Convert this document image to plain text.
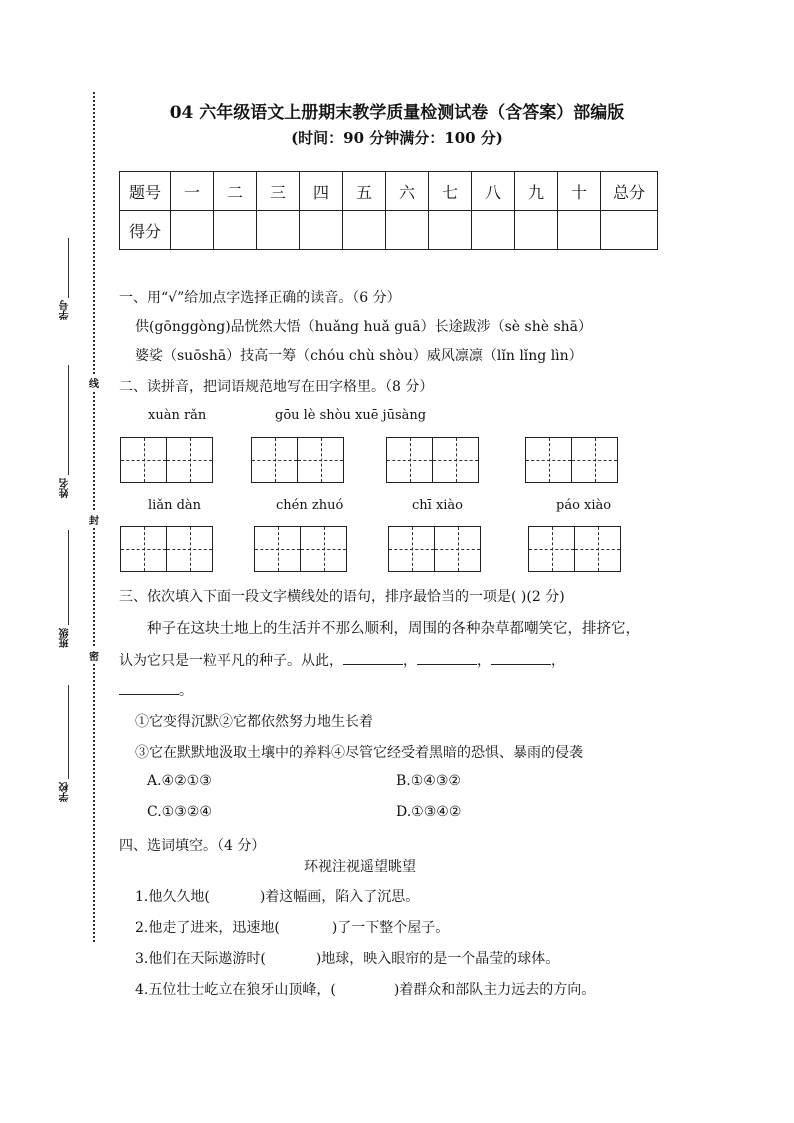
学号
姓名
班级
学校
线
封
密
04 六年级语文上册期末教学质量检测试卷（含答案）部编版
(时间：90 分钟满分：100 分)
题号	一	二	三	四	五	六	七	八	九	十	总分
得分											
一、用“√”给加点字选择正确的读音。（6 分）
供(gōnggòng)品恍然大悟（huǎng huǎ guā）长途跋涉（sè shè shā）
婆娑（suōshā）技高一筹（chóu chù shòu）威风凛凛（lǐn lǐng lìn）
二、读拼音，把词语规范地写在田字格里。（8 分）
xuàn rǎn	gōu lè shòu xuē jūsàng
liǎn dàn	chén zhuó	chī xiào	páo xiào
三、依次填入下面一段文字横线处的语句，排序最恰当的一项是( )(2 分)
种子在这块土地上的生活并不那么顺利，周围的各种杂草都嘲笑它，排挤它，
认为它只是一粒平凡的种子。从此，	，	，	，
。
①它变得沉默②它都依然努力地生长着
③它在默默地汲取土壤中的养料④尽管它经受着黑暗的恐惧、暴雨的侵袭
A.④②①③	B.①④③②
C.①③②④	D.①③④②
四、选词填空。（4 分）
环视注视遥望眺望
1.他久久地(	)着这幅画，陷入了沉思。
2.他走了进来，迅速地(	)了一下整个屋子。
3.他们在天际遨游时(	)地球，映入眼帘的是一个晶莹的球体。
4.五位壮士屹立在狼牙山顶峰，(	)着群众和部队主力远去的方向。
